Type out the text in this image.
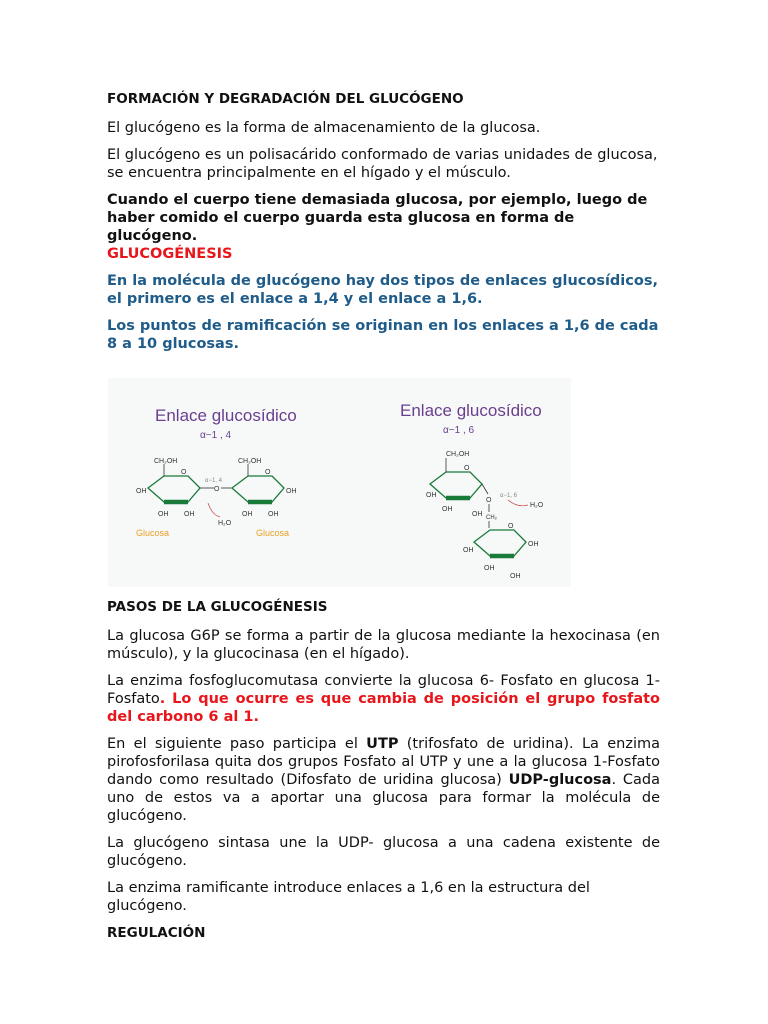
FORMACIÓN Y DEGRADACIÓN DEL GLUCÓGENO

El glucógeno es la forma de almacenamiento de la glucosa.

El glucógeno es un polisacárido conformado de varias unidades de glucosa, se encuentra principalmente en el hígado y el músculo.

Cuando el cuerpo tiene demasiada glucosa, por ejemplo, luego de haber comido el cuerpo guarda esta glucosa en forma de glucógeno.
GLUCOGÉNESIS

En la molécula de glucógeno hay dos tipos de enlaces glucosídicos, el primero es el enlace a 1,4 y el enlace a 1,6.

Los puntos de ramificación se originan en los enlaces a 1,6 de cada 8 a 10 glucosas.

Enlace glucosídico
α−1 , 4
CH₂OH
O
OH
OH OH
O
α−1, 4
H₂O
CH₂OH
O
OH
OH OH
Glucosa	Glucosa
Enlace glucosídico
α−1 , 6
CH₂OH
O
OH
OH
OH
O
α−1, 6
H₂O
CH₂
O
OH
OH
OH
OH

PASOS DE LA GLUCOGÉNESIS

La glucosa G6P se forma a partir de la glucosa mediante la hexocinasa (en músculo), y la glucocinasa (en el hígado).

La enzima fosfoglucomutasa convierte la glucosa 6- Fosfato en glucosa 1-Fosfato. Lo que ocurre es que cambia de posición el grupo fosfato del carbono 6 al 1.

En el siguiente paso participa el UTP (trifosfato de uridina). La enzima pirofosforilasa quita dos grupos Fosfato al UTP y une a la glucosa 1-Fosfato dando como resultado (Difosfato de uridina glucosa) UDP-glucosa. Cada uno de estos va a aportar una glucosa para formar la molécula de glucógeno.

La glucógeno sintasa une la UDP- glucosa a una cadena existente de glucógeno.

La enzima ramificante introduce enlaces a 1,6 en la estructura del glucógeno.

REGULACIÓN
